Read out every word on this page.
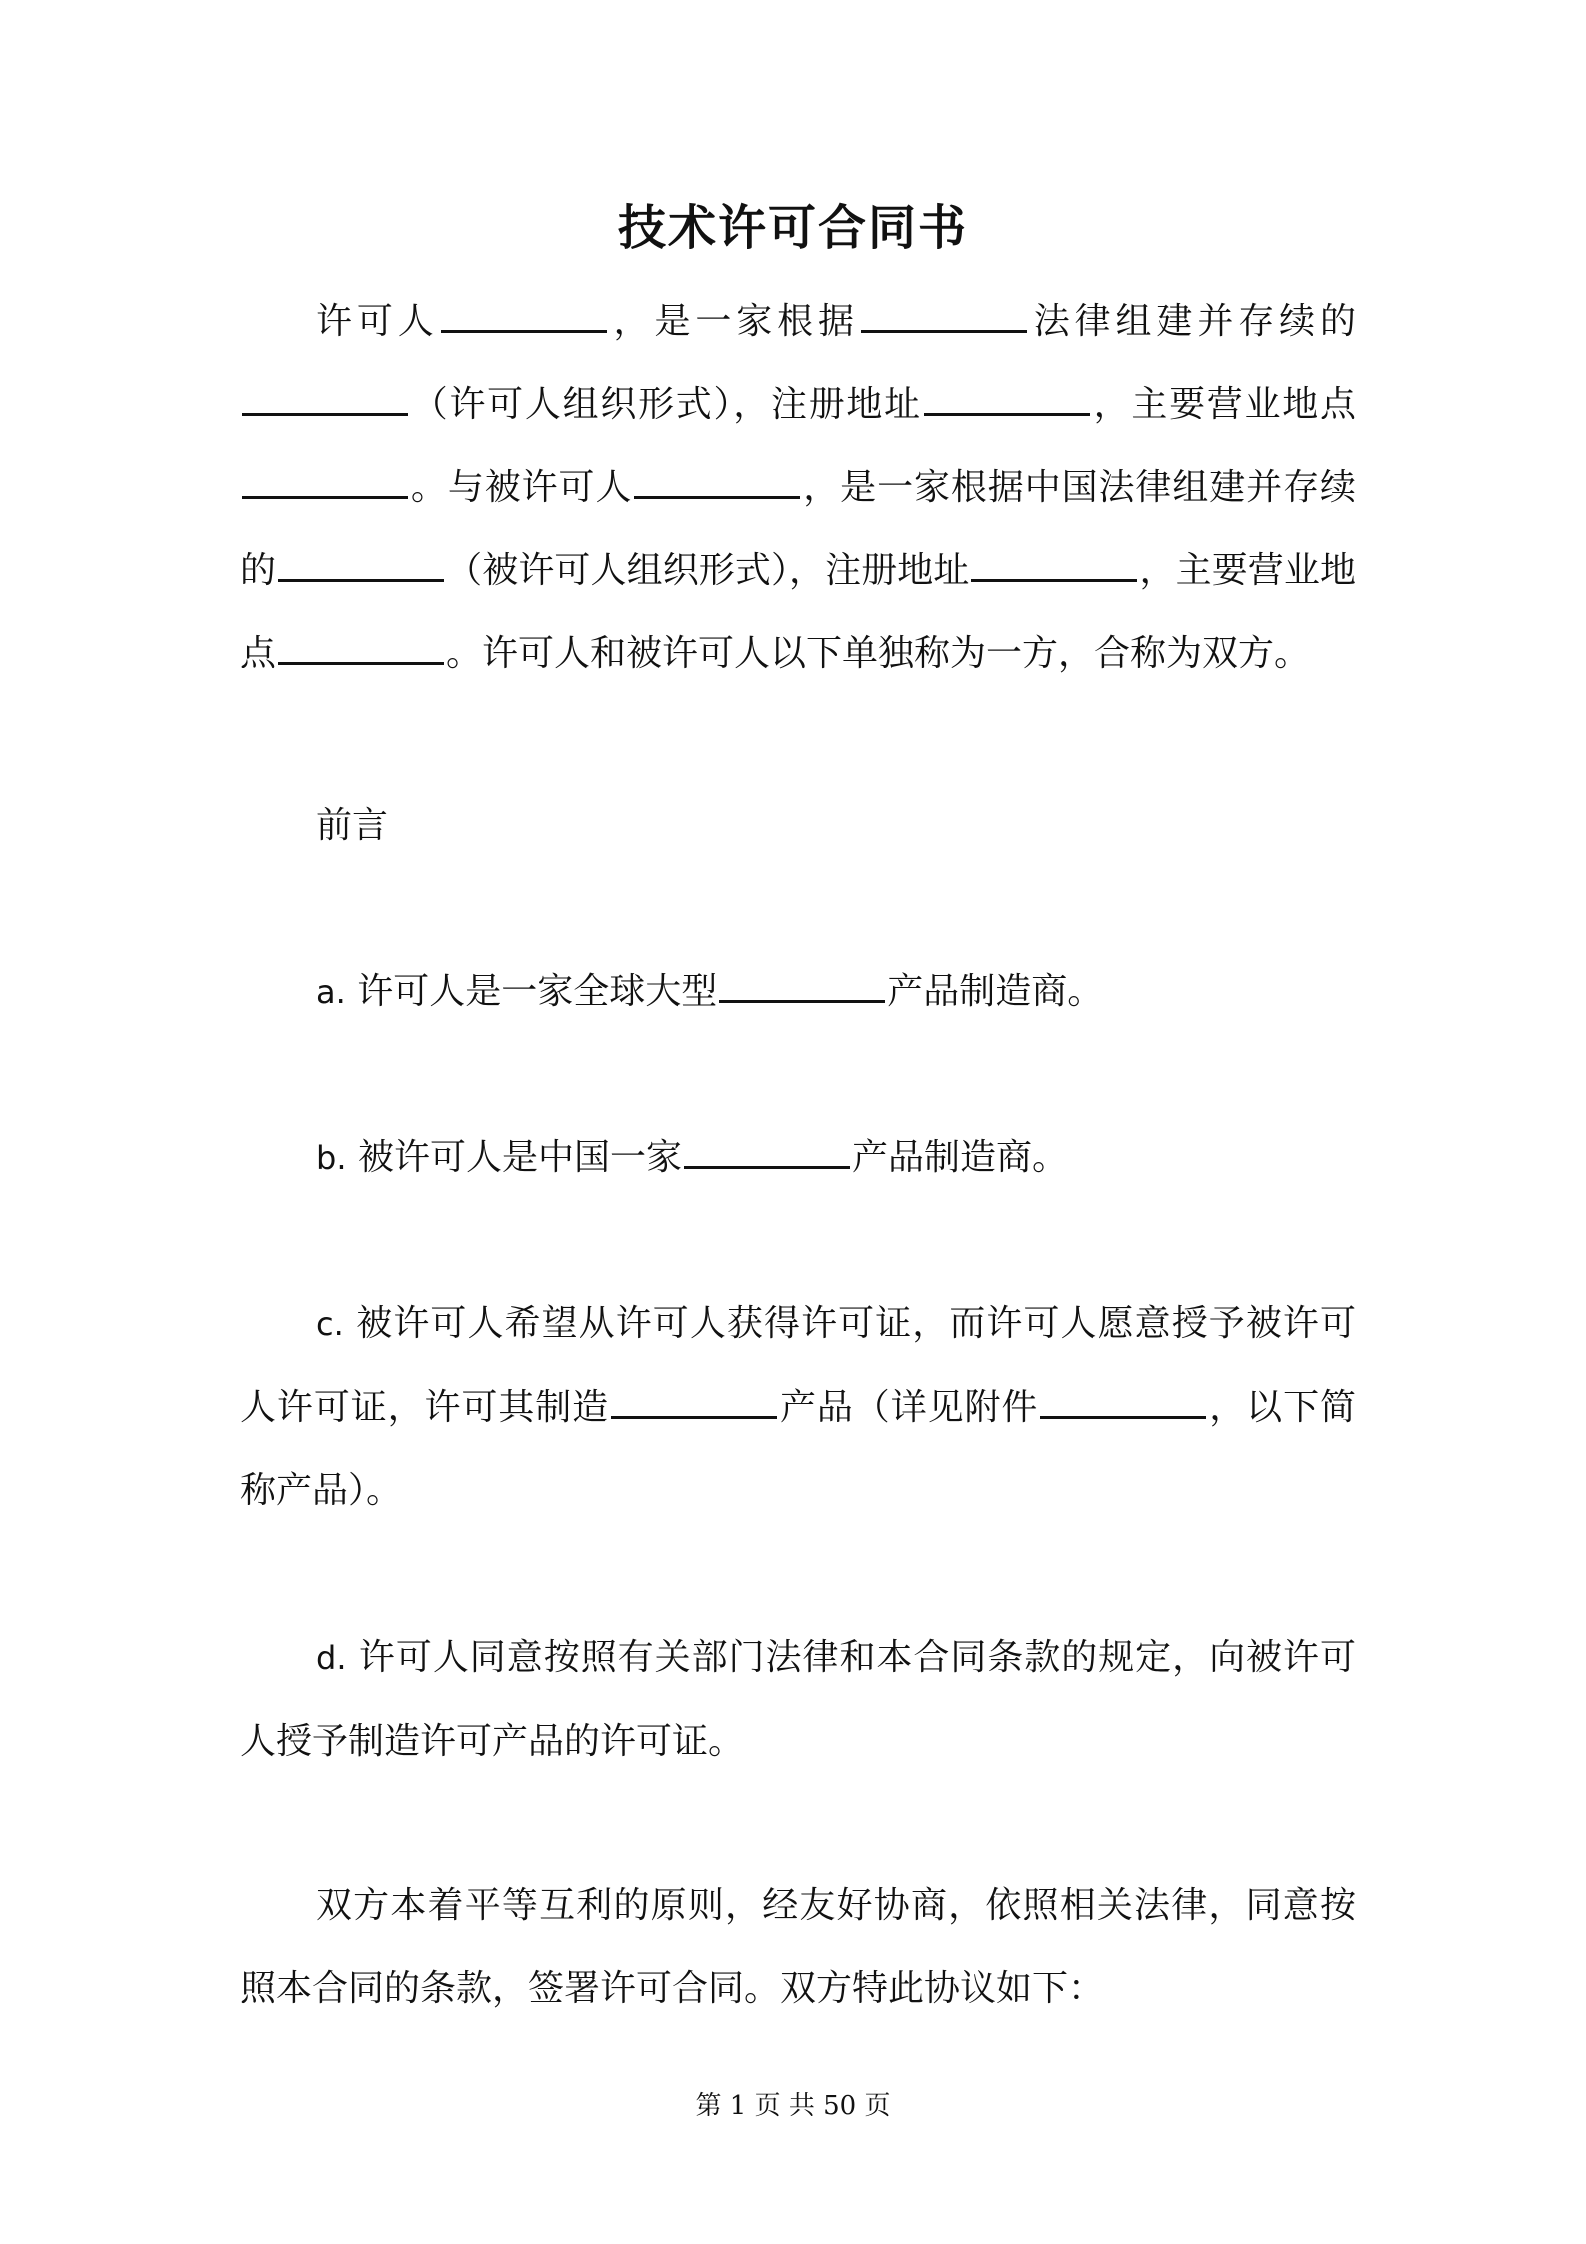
技术许可合同书

许可人	，是一家根据	法律组建并存续的（许可人组织形式），注册地址	，主要营业地点。与被许可人	，是一家根据中国法律组建并存续的	（被许可人组织形式），注册地址	，主要营业地点	。许可人和被许可人以下单独称为一方，合称为双方。

前言

a. 许可人是一家全球大型	产品制造商。

b. 被许可人是中国一家	产品制造商。

c. 被许可人希望从许可人获得许可证，而许可人愿意授予被许可人许可证，许可其制造	产品（详见附件	，以下简称产品）。

d. 许可人同意按照有关部门法律和本合同条款的规定，向被许可人授予制造许可产品的许可证。

双方本着平等互利的原则，经友好协商，依照相关法律，同意按照本合同的条款，签署许可合同。双方特此协议如下：

第 1 页 共 50 页
